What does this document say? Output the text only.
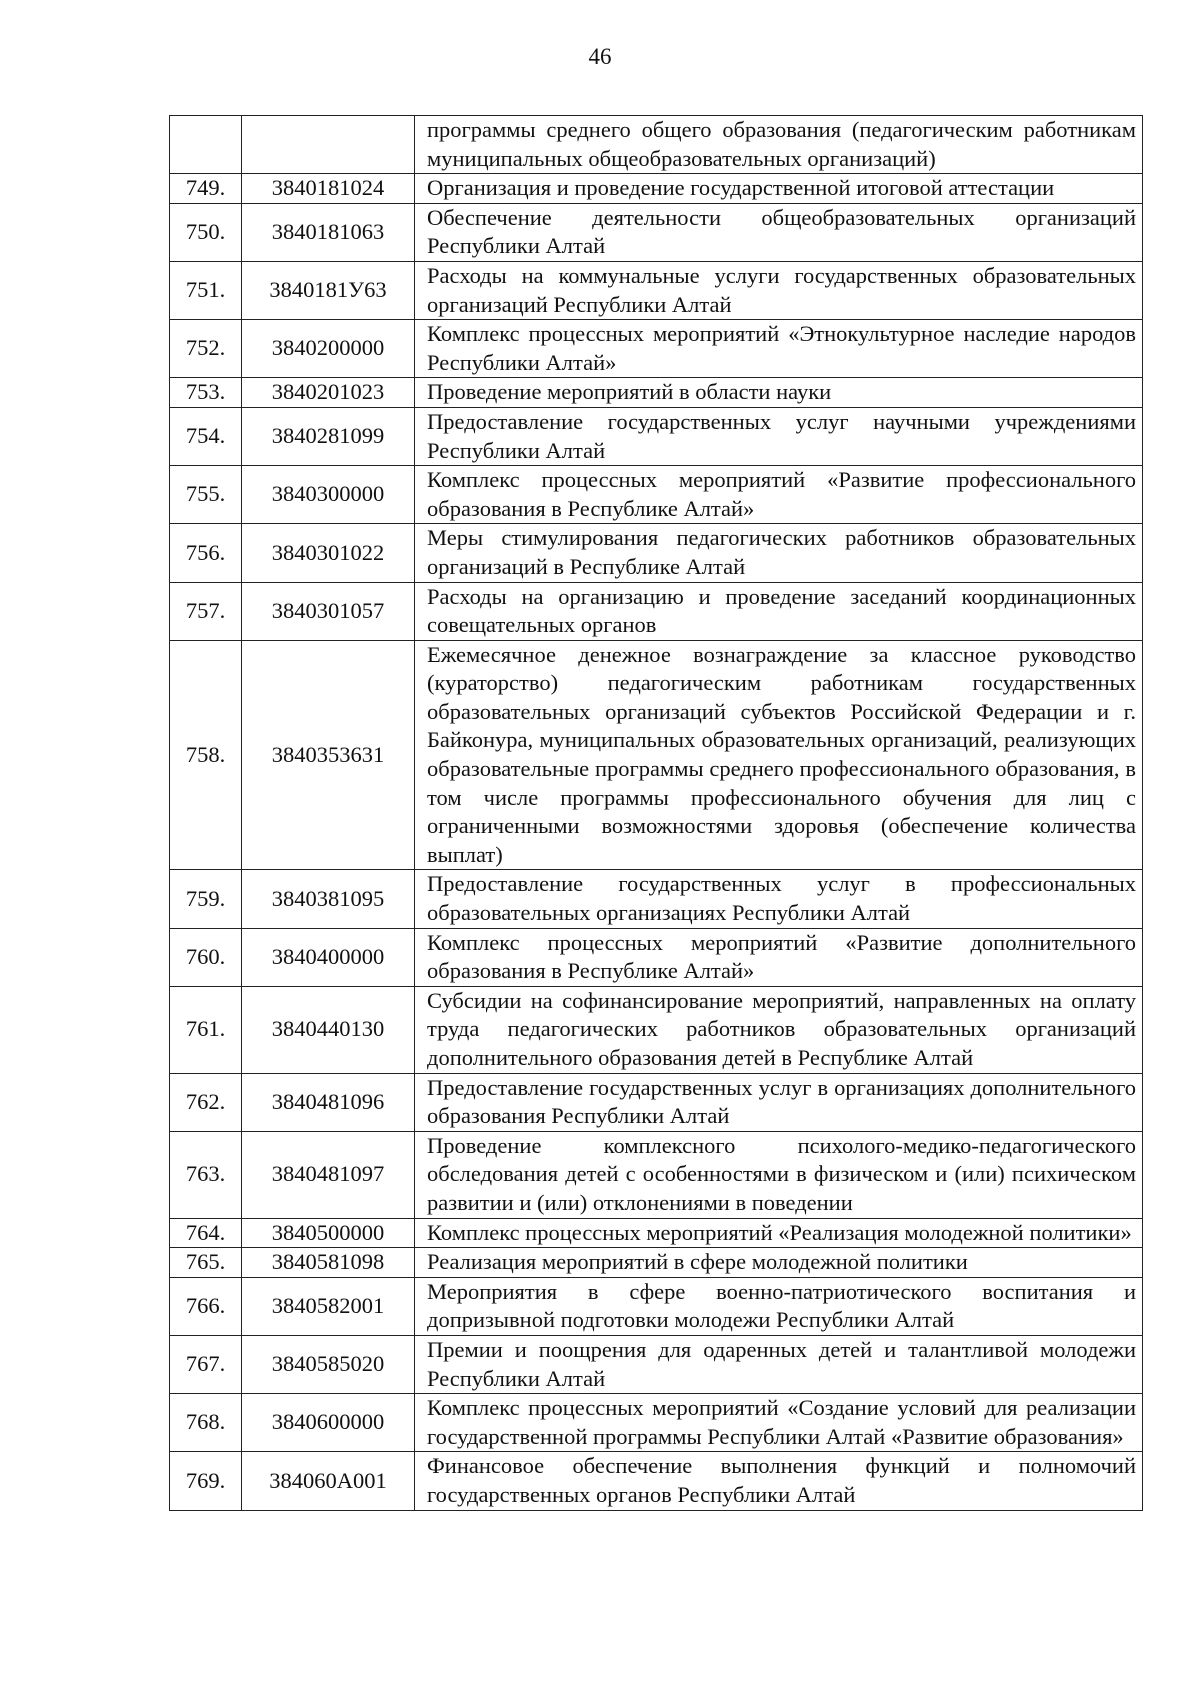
46
		программы среднего общего образования (педагогическим работникам муниципальных общеобразовательных организаций)
749.	3840181024	Организация и проведение государственной итоговой аттестации
750.	3840181063	Обеспечение деятельности общеобразовательных организаций Республики Алтай
751.	3840181У63	Расходы на коммунальные услуги государственных образовательных организаций Республики Алтай
752.	3840200000	Комплекс процессных мероприятий «Этнокультурное наследие народов Республики Алтай»
753.	3840201023	Проведение мероприятий в области науки
754.	3840281099	Предоставление государственных услуг научными учреждениями Республики Алтай
755.	3840300000	Комплекс процессных мероприятий «Развитие профессионального образования в Республике Алтай»
756.	3840301022	Меры стимулирования педагогических работников образовательных организаций в Республике Алтай
757.	3840301057	Расходы на организацию и проведение заседаний координационных совещательных органов
758.	3840353631	Ежемесячное денежное вознаграждение за классное руководство (кураторство) педагогическим работникам государственных образовательных организаций субъектов Российской Федерации и г. Байконура, муниципальных образовательных организаций, реализующих образовательные программы среднего профессионального образования, в том числе программы профессионального обучения для лиц с ограниченными возможностями здоровья (обеспечение количества выплат)
759.	3840381095	Предоставление государственных услуг в профессиональных образовательных организациях Республики Алтай
760.	3840400000	Комплекс процессных мероприятий «Развитие дополнительного образования в Республике Алтай»
761.	3840440130	Субсидии на софинансирование мероприятий, направленных на оплату труда педагогических работников образовательных организаций дополнительного образования детей в Республике Алтай
762.	3840481096	Предоставление государственных услуг в организациях дополнительного образования Республики Алтай
763.	3840481097	Проведение комплексного психолого-медико-педагогического обследования детей с особенностями в физическом и (или) психическом развитии и (или) отклонениями в поведении
764.	3840500000	Комплекс процессных мероприятий «Реализация молодежной политики»
765.	3840581098	Реализация мероприятий в сфере молодежной политики
766.	3840582001	Мероприятия в сфере военно-патриотического воспитания и допризывной подготовки молодежи Республики Алтай
767.	3840585020	Премии и поощрения для одаренных детей и талантливой молодежи Республики Алтай
768.	3840600000	Комплекс процессных мероприятий «Создание условий для реализации государственной программы Республики Алтай «Развитие образования»
769.	384060А001	Финансовое обеспечение выполнения функций и полномочий государственных органов Республики Алтай
